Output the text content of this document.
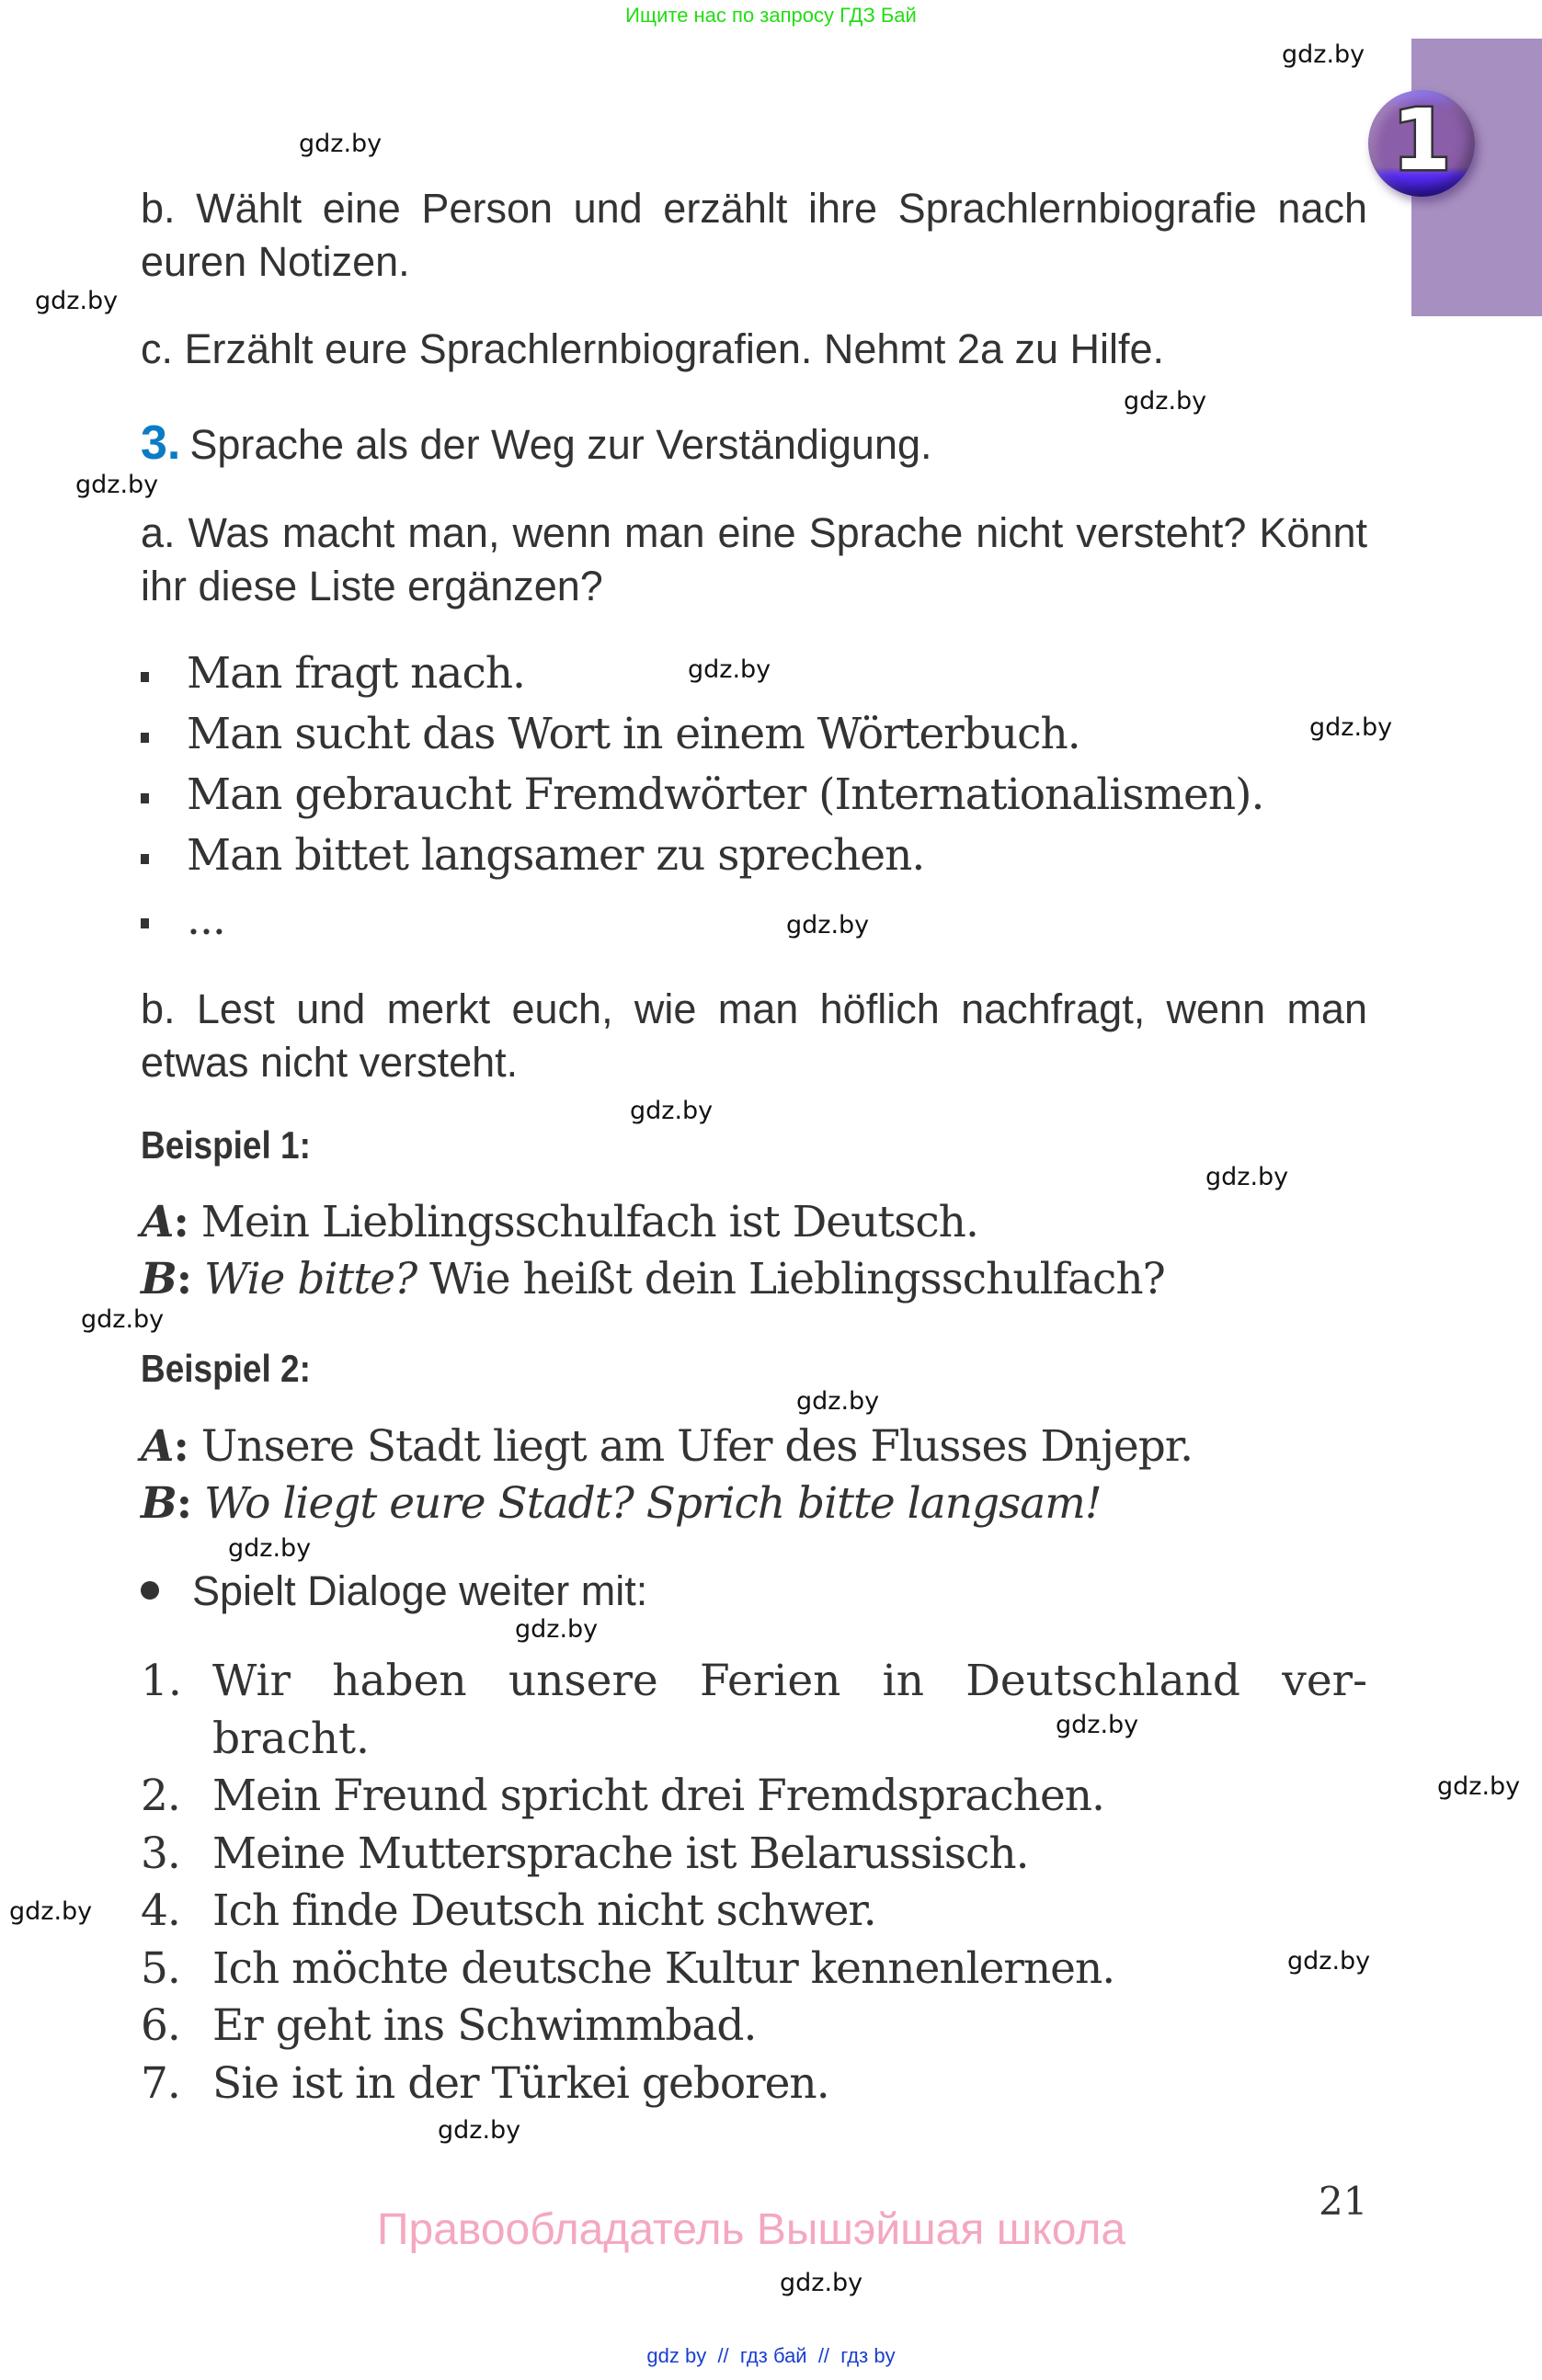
Ищите нас по запросу ГДЗ Бай
1
gdz.by
gdz.by
gdz.by
gdz.by
gdz.by
gdz.by
gdz.by
gdz.by
gdz.by
gdz.by
gdz.by
gdz.by
gdz.by
gdz.by
gdz.by
gdz.by
gdz.by
gdz.by
gdz.by
gdz.by
b. Wählt eine Person und erzählt ihre Sprachlernbiografie nach euren Notizen.
c. Erzählt eure Sprachlernbiografien. Nehmt 2a zu Hilfe.
3. Sprache als der Weg zur Verständigung.
a. Was macht man, wenn man eine Sprache nicht versteht? Könnt ihr diese Liste ergänzen?
Man fragt nach.
Man sucht das Wort in einem Wörterbuch.
Man gebraucht Fremdwörter (Internationalismen).
Man bittet langsamer zu sprechen.
...
b. Lest und merkt euch, wie man höflich nachfragt, wenn man etwas nicht versteht.
Beispiel 1:
A: Mein Lieblingsschulfach ist Deutsch.
B: Wie bitte? Wie heißt dein Lieblingsschulfach?
Beispiel 2:
A: Unsere Stadt liegt am Ufer des Flusses Dnjepr.
B: Wo liegt eure Stadt? Sprich bitte langsam!
Spielt Dialoge weiter mit:
1. Wir haben unsere Ferien in Deutschland ver-bracht.
2. Mein Freund spricht drei Fremdsprachen.
3. Meine Muttersprache ist Belarussisch.
4. Ich finde Deutsch nicht schwer.
5. Ich möchte deutsche Kultur kennenlernen.
6. Er geht ins Schwimmbad.
7. Sie ist in der Türkei geboren.
21
Правообладатель Вышэйшая школа
gdz by  //  гдз бай  //  гдз by
